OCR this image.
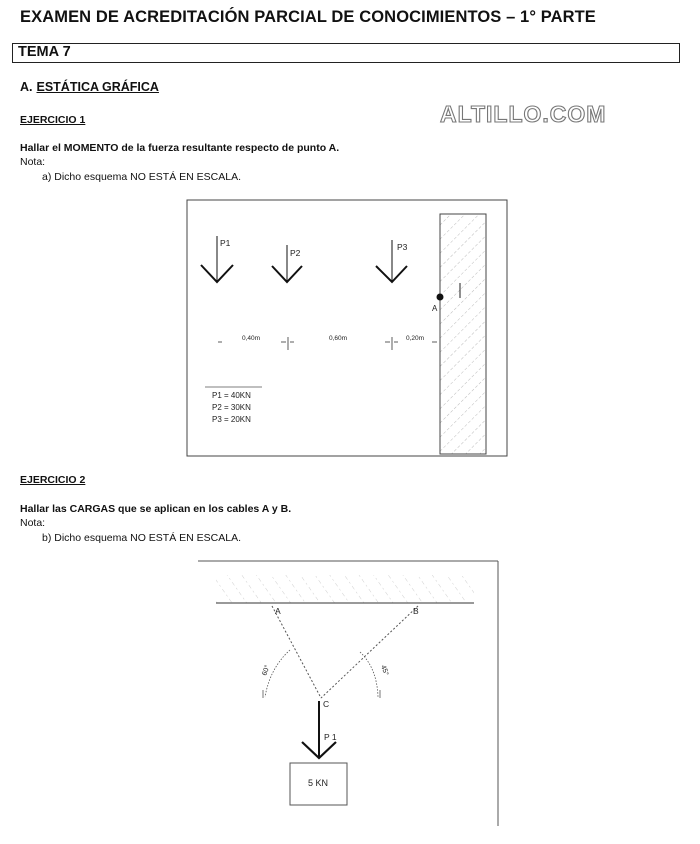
EXAMEN DE ACREDITACIÓN PARCIAL DE CONOCIMIENTOS – 1° PARTE
TEMA 7
A. ESTÁTICA GRÁFICA
ALTILLO.COM
EJERCICIO 1
Hallar el MOMENTO de la fuerza resultante respecto de punto A.
Nota:
a) Dicho esquema NO ESTÁ EN ESCALA.
A
P1
P2
P3
0,40m	0,60m	0,20m
P1 = 40KN
P2 = 30KN
P3 = 20KN
A	B
C
60°	45°
P 1
5 KN
EJERCICIO 2
Hallar las CARGAS que se aplican en los cables A y B.
Nota:
b) Dicho esquema NO ESTÁ EN ESCALA.
